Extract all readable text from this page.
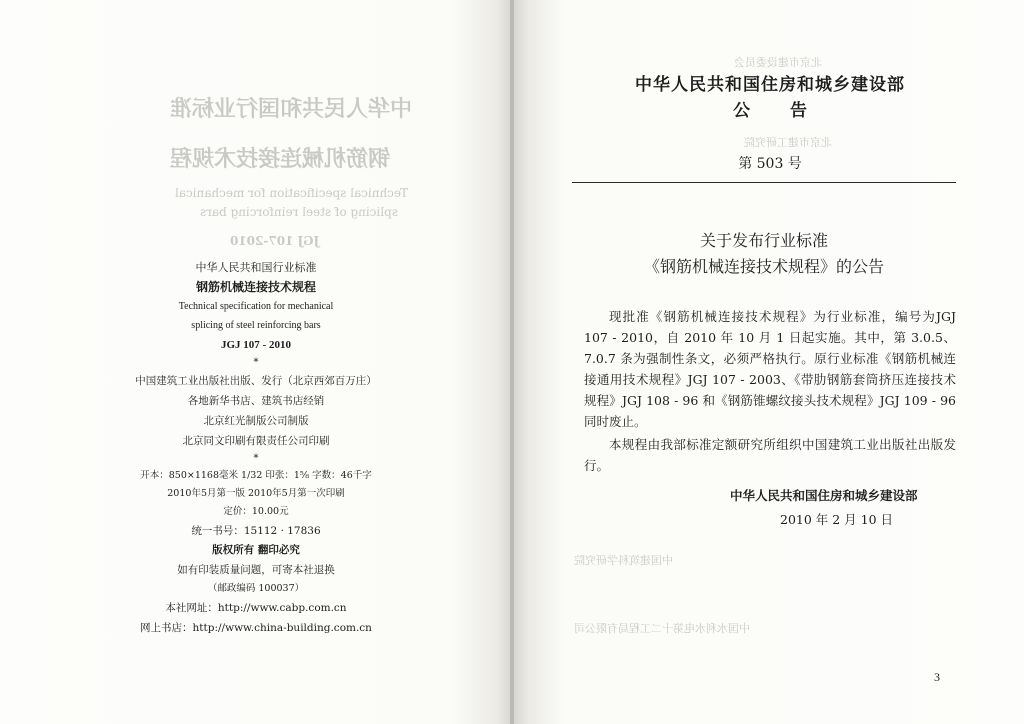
中华人民共和国行业标准
钢筋机械连接技术规程
Technical specification for mechanical
splicing of steel reinforcing bars
JGJ 107-2010
北京市建设委员会
北京市建工研究院
中国建筑科学研究院
中国水利水电第十二工程局有限公司
中华人民共和国行业标准
钢筋机械连接技术规程
Technical specification for mechanical
splicing of steel reinforcing bars
JGJ 107 - 2010
*
中国建筑工业出版社出版、发行（北京西郊百万庄）
各地新华书店、建筑书店经销
北京红光制版公司制版
北京同文印刷有限责任公司印刷
*
开本：850×1168毫米 1/32 印张：1⅝ 字数：46千字
2010年5月第一版 2010年5月第一次印刷
定价：10.00元
统一书号：15112 · 17836
版权所有 翻印必究
如有印装质量问题，可寄本社退换
（邮政编码 100037）
本社网址：http://www.cabp.com.cn
网上书店：http://www.china-building.com.cn
中华人民共和国住房和城乡建设部
公告
第 503 号
关于发布行业标准
《钢筋机械连接技术规程》的公告

现批准《钢筋机械连接技术规程》为行业标准，编号为JGJ 107 - 2010，自 2010 年 10 月 1 日起实施。其中，第 3.0.5、7.0.7 条为强制性条文，必须严格执行。原行业标准《钢筋机械连接通用技术规程》JGJ 107 - 2003、《带肋钢筋套筒挤压连接技术规程》JGJ 108 - 96 和《钢筋锥螺纹接头技术规程》JGJ 109 - 96 同时废止。

本规程由我部标准定额研究所组织中国建筑工业出版社出版发行。

中华人民共和国住房和城乡建设部
2010 年 2 月 10 日
3
